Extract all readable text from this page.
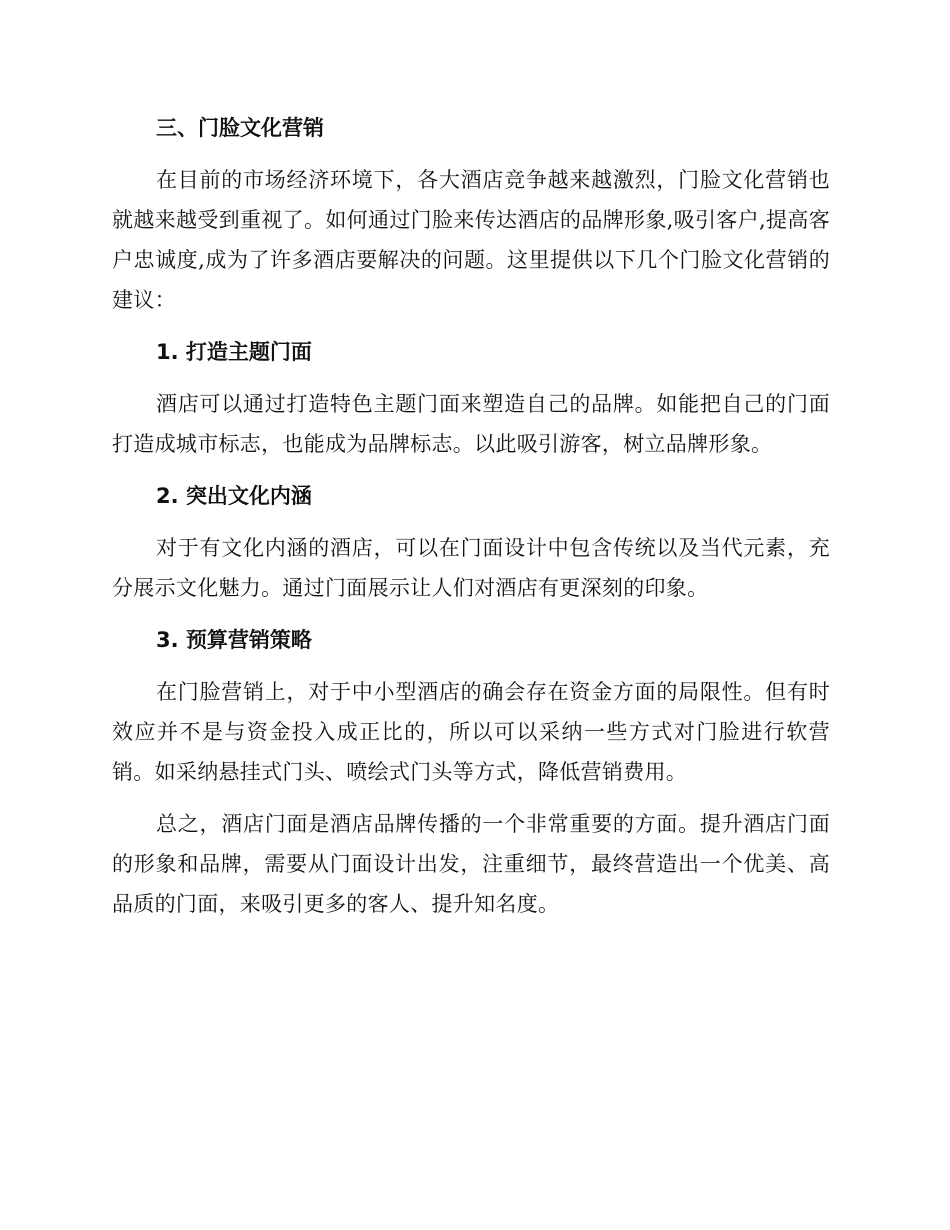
三、门脸文化营销

在目前的市场经济环境下，各大酒店竞争越来越激烈，门脸文化营销也就越来越受到重视了。如何通过门脸来传达酒店的品牌形象,吸引客户,提高客户忠诚度,成为了许多酒店要解决的问题。这里提供以下几个门脸文化营销的建议：

1. 打造主题门面

酒店可以通过打造特色主题门面来塑造自己的品牌。如能把自己的门面打造成城市标志，也能成为品牌标志。以此吸引游客，树立品牌形象。

2. 突出文化内涵

对于有文化内涵的酒店，可以在门面设计中包含传统以及当代元素，充分展示文化魅力。通过门面展示让人们对酒店有更深刻的印象。

3. 预算营销策略

在门脸营销上，对于中小型酒店的确会存在资金方面的局限性。但有时效应并不是与资金投入成正比的，所以可以采纳一些方式对门脸进行软营销。如采纳悬挂式门头、喷绘式门头等方式，降低营销费用。

总之，酒店门面是酒店品牌传播的一个非常重要的方面。提升酒店门面的形象和品牌，需要从门面设计出发，注重细节，最终营造出一个优美、高品质的门面，来吸引更多的客人、提升知名度。
